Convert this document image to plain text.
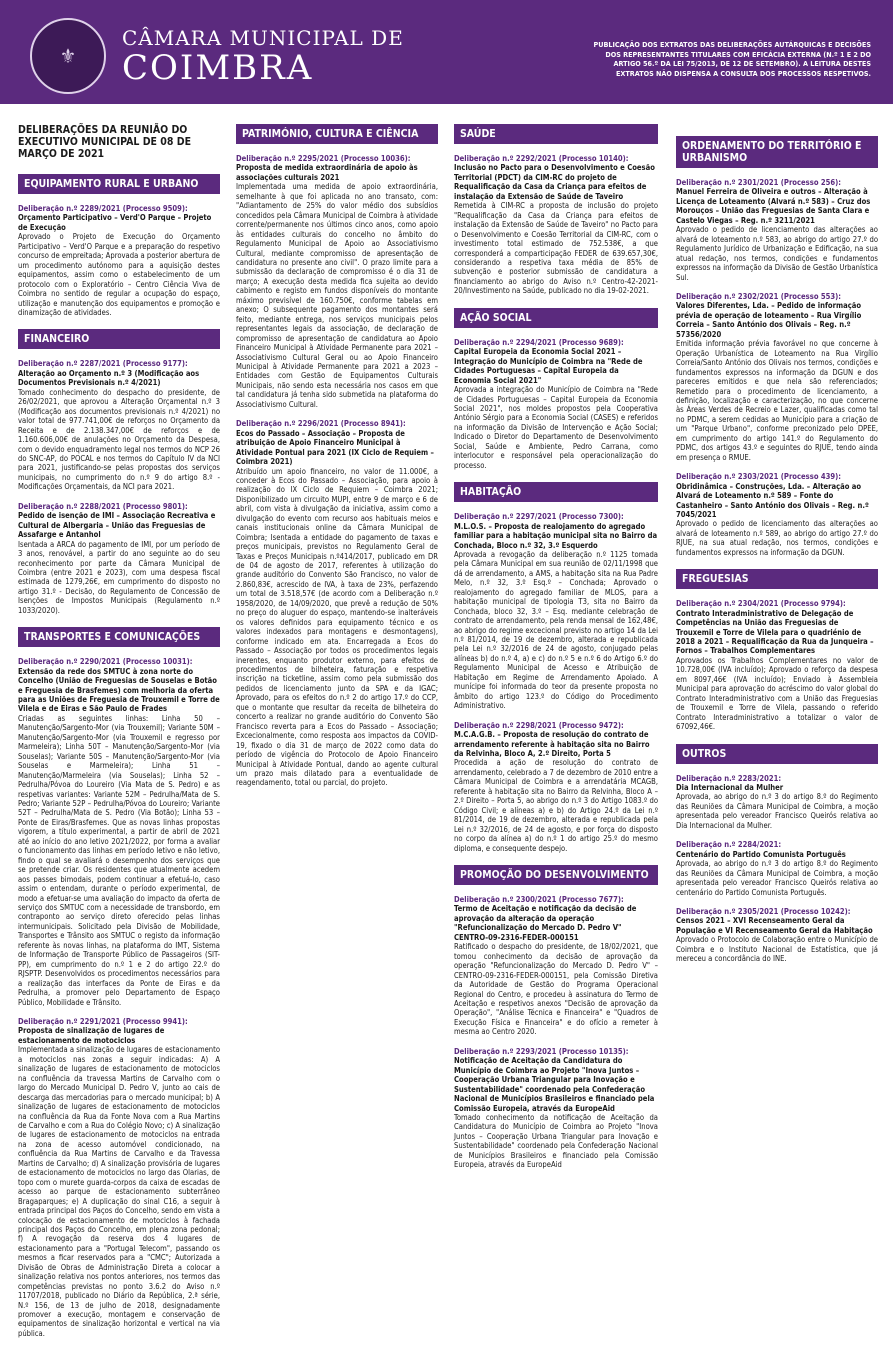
⚜
CÂMARA MUNICIPAL DE
COIMBRA
PUBLICAÇÃO DOS EXTRATOS DAS DELIBERAÇÕES AUTÁRQUICAS E DECISÕES DOS REPRESENTANTES TITULARES COM EFICÁCIA EXTERNA (N.º 1 E 2 DO ARTIGO 56.º DA LEI 75/2013, DE 12 DE SETEMBRO). A LEITURA DESTES EXTRATOS NÃO DISPENSA A CONSULTA DOS PROCESSOS RESPETIVOS.
DELIBERAÇÕES DA REUNIÃO DO EXECUTIVO MUNICIPAL DE 08 DE MARÇO DE 2021
EQUIPAMENTO RURAL E URBANO
Deliberação n.º 2289/2021 (Processo 9509):
Orçamento Participativo – Verd'O Parque – Projeto de Execução
Aprovado o Projeto de Execução do Orçamento Participativo – Verd'O Parque e a preparação do respetivo concurso de empreitada; Aprovada a posterior abertura de um procedimento autónomo para a aquisição destes equipamentos, assim como o estabelecimento de um protocolo com o Exploratório – Centro Ciência Viva de Coimbra no sentido de regular a ocupação do espaço, utilização e manutenção dos equipamentos e promoção e dinamização de atividades.
FINANCEIRO
Deliberação n.º 2287/2021 (Processo 9177):
Alteração ao Orçamento n.º 3 (Modificação aos Documentos Previsionais n.º 4/2021)
Tomado conhecimento do despacho do presidente, de 26/02/2021, que aprovou a Alteração Orçamental n.º 3 (Modificação aos documentos previsionais n.º 4/2021) no valor total de 977.741,00€ de reforços no Orçamento da Receita e de 2.138.347,00€ de reforços e de 1.160.606,00€ de anulações no Orçamento da Despesa, com o devido enquadramento legal nos termos do NCP 26 do SNC-AP, do POCAL e nos termos do Capítulo IV da NCI para 2021, justificando-se pelas propostas dos serviços municipais, no cumprimento do n.º 9 do artigo 8.º - Modificações Orçamentais, da NCI para 2021.
Deliberação n.º 2288/2021 (Processo 9801):
Pedido de isenção de IMI – Associação Recreativa e Cultural de Albergaria – União das Freguesias de Assafarge e Antanhol
Isentada a ARCA do pagamento de IMI, por um período de 3 anos, renovável, a partir do ano seguinte ao do seu reconhecimento por parte da Câmara Municipal de Coimbra (entre 2021 e 2023), com uma despesa fiscal estimada de 1279,26€, em cumprimento do disposto no artigo 31.º - Decisão, do Regulamento de Concessão de Isenções de Impostos Municipais (Regulamento n.º 1033/2020).
TRANSPORTES E COMUNICAÇÕES
Deliberação n.º 2290/2021 (Processo 10031):
Extensão da rede dos SMTUC à zona norte do Concelho (União de Freguesias de Souselas e Botão e Freguesia de Brasfemes) com melhoria da oferta para as Uniões de Freguesia de Trouxemil e Torre de Vilela e de Eiras e São Paulo de Frades
Criadas as seguintes linhas: Linha 50 – Manutenção/Sargento-Mor (via Trouxemil); Variante 50M – Manutenção/Sargento-Mor (via Trouxemil e regresso por Marmeleira); Linha 50T – Manutenção/Sargento-Mor (via Souselas); Variante 50S – Manutenção/Sargento-Mor (via Souselas e Marmeleira); Linha 51 – Manutenção/Marmeleira (via Souselas); Linha 52 – Pedrulha/Póvoa do Loureiro (Via Mata de S. Pedro) e as respetivas variantes: Variante 52M – Pedrulha/Mata de S. Pedro; Variante 52P – Pedrulha/Póvoa do Loureiro; Variante 52T – Pedrulha/Mata de S. Pedro (Via Botão); Linha 53 – Ponte de Eiras/Brasfemes. Que as novas linhas propostas vigorem, a título experimental, a partir de abril de 2021 até ao início do ano letivo 2021/2022, por forma a avaliar o funcionamento das linhas em período letivo e não letivo, findo o qual se avaliará o desempenho dos serviços que se pretende criar. Os residentes que atualmente acedem aos passes bimodais, podem continuar a efetuá-lo, caso assim o entendam, durante o período experimental, de modo a efetuar-se uma avaliação do impacto da oferta de serviço dos SMTUC com a necessidade de transbordo, em contraponto ao serviço direto oferecido pelas linhas intermunicipais. Solicitado pela Divisão de Mobilidade, Transportes e Trânsito aos SMTUC o registo da informação referente às novas linhas, na plataforma do IMT, Sistema de Informação de Transporte Público de Passageiros (SIT-PP), em cumprimento do n.º 1 e 2 do artigo 22.º do RJSPTP. Desenvolvidos os procedimentos necessários para a realização das interfaces da Ponte de Eiras e da Pedrulha, a promover pelo Departamento de Espaço Público, Mobilidade e Trânsito.
Deliberação n.º 2291/2021 (Processo 9941):
Proposta de sinalização de lugares de estacionamento de motociclos
Implementada a sinalização de lugares de estacionamento a motociclos nas zonas a seguir indicadas: A) A sinalização de lugares de estacionamento de motociclos na confluência da travessa Martins de Carvalho com o largo do Mercado Municipal D. Pedro V, junto ao cais de descarga das mercadorias para o mercado municipal; b) A sinalização de lugares de estacionamento de motociclos na confluência da Rua da Fonte Nova com a Rua Martins de Carvalho e com a Rua do Colégio Novo; c) A sinalização de lugares de estacionamento de motociclos na entrada na zona de acesso automóvel condicionado, na confluência da Rua Martins de Carvalho e da Travessa Martins de Carvalho; d) A sinalização provisória de lugares de estacionamento de motociclos no largo das Olarias, de topo com o murete guarda-corpos da caixa de escadas de acesso ao parque de estacionamento subterrâneo Bragaparques; e) A duplicação do sinal C16, a seguir à entrada principal dos Paços do Concelho, sendo em vista a colocação de estacionamento de motociclos à fachada principal dos Paços do Concelho, em plena zona pedonal; f) A revogação da reserva dos 4 lugares de estacionamento para a "Portugal Telecom", passando os mesmos a ficar reservados para a "CMC"; Autorizada a Divisão de Obras de Administração Direta a colocar a sinalização relativa nos pontos anteriores, nos termos das competências previstas no ponto 3.6.2 do Aviso n.º 11707/2018, publicado no Diário da República, 2.ª série, N.º 156, de 13 de julho de 2018, designadamente promover a execução, montagem e conservação de equipamentos de sinalização horizontal e vertical na via pública.
PATRIMÓNIO, CULTURA E CIÊNCIA
Deliberação n.º 2295/2021 (Processo 10036):
Proposta de medida extraordinária de apoio às associações culturais 2021
Implementada uma medida de apoio extraordinária, semelhante à que foi aplicada no ano transato, com: "Adiantamento de 25% do valor médio dos subsídios concedidos pela Câmara Municipal de Coimbra à atividade corrente/permanente nos últimos cinco anos, como apoio às entidades culturais do concelho no âmbito do Regulamento Municipal de Apoio ao Associativismo Cultural, mediante compromisso de apresentação de candidatura no presente ano civil". O prazo limite para a submissão da declaração de compromisso é o dia 31 de março; A execução desta medida fica sujeita ao devido cabimento e registo em fundos disponíveis do montante máximo previsível de 160.750€, conforme tabelas em anexo; O subsequente pagamento dos montantes será feito, mediante entrega, nos serviços municipais pelos representantes legais da associação, de declaração de compromisso de apresentação de candidatura ao Apoio Financeiro Municipal à Atividade Permanente para 2021 – Associativismo Cultural Geral ou ao Apoio Financeiro Municipal à Atividade Permanente para 2021 a 2023 – Entidades com Gestão de Equipamentos Culturais Municipais, não sendo esta necessária nos casos em que tal candidatura já tenha sido submetida na plataforma do Associativismo Cultural.
Deliberação n.º 2296/2021 (Processo 8941):
Ecos do Passado – Associação – Proposta de atribuição de Apoio Financeiro Municipal à Atividade Pontual para 2021 (IX Ciclo de Requiem – Coimbra 2021)
Atribuído um apoio financeiro, no valor de 11.000€, a conceder à Ecos do Passado – Associação, para apoio à realização do IX Ciclo de Requiem – Coimbra 2021; Disponibilizado um circuito MUPI, entre 9 de março e 6 de abril, com vista à divulgação da iniciativa, assim como a divulgação do evento com recurso aos habituais meios e canais institucionais online da Câmara Municipal de Coimbra; Isentada a entidade do pagamento de taxas e preços municipais, previstos no Regulamento Geral de Taxas e Preços Municipais n.º414/2017, publicado em DR de 04 de agosto de 2017, referentes à utilização do grande auditório do Convento São Francisco, no valor de 2.860,83€, acrescido de IVA, à taxa de 23%, perfazendo um total de 3.518,57€ (de acordo com a Deliberação n.º 1958/2020, de 14/09/2020, que prevê a redução de 50% no preço do aluguer do espaço, mantendo-se inalteráveis os valores definidos para equipamento técnico e os valores indexados para montagens e desmontagens), conforme indicado em ata. Encarregada a Ecos do Passado – Associação por todos os procedimentos legais inerentes, enquanto produtor externo, para efeitos de procedimentos de bilheteira, faturação e respetiva inscrição na ticketline, assim como pela submissão dos pedidos de licenciamento junto da SPA e da IGAC; Aprovado, para os efeitos do n.º 2 do artigo 17.º do CCP, que o montante que resultar da receita de bilheteira do concerto a realizar no grande auditório do Convento São Francisco reverta para a Ecos do Passado – Associação; Excecionalmente, como resposta aos impactos da COVID-19, fixado o dia 31 de março de 2022 como data do período de vigência do Protocolo de Apoio Financeiro Municipal à Atividade Pontual, dando ao agente cultural um prazo mais dilatado para a eventualidade de reagendamento, total ou parcial, do projeto.
SAÚDE
Deliberação n.º 2292/2021 (Processo 10140):
Inclusão no Pacto para o Desenvolvimento e Coesão Territorial (PDCT) da CIM-RC do projeto de Requalificação da Casa da Criança para efeitos de instalação da Extensão de Saúde de Taveiro
Remetida à CIM-RC a proposta de inclusão do projeto "Requalificação da Casa da Criança para efeitos de instalação da Extensão de Saúde de Taveiro" no Pacto para o Desenvolvimento e Coesão Territorial da CIM-RC, com o investimento total estimado de 752.538€, a que corresponderá a comparticipação FEDER de 639.657,30€, considerando a respetiva taxa média de 85% de subvenção e posterior submissão de candidatura a financiamento ao abrigo do Aviso n.º Centro-42-2021-20/Investimento na Saúde, publicado no dia 19-02-2021.
AÇÃO SOCIAL
Deliberação n.º 2294/2021 (Processo 9689):
Capital Europeia da Economia Social 2021 – Integração do Município de Coimbra na "Rede de Cidades Portuguesas – Capital Europeia da Economia Social 2021"
Aprovada a integração do Município de Coimbra na "Rede de Cidades Portuguesas – Capital Europeia da Economia Social 2021", nos moldes propostos pela Cooperativa António Sérgio para a Economia Social (CASES) e referidos na informação da Divisão de Intervenção e Ação Social; Indicado o Diretor do Departamento de Desenvolvimento Social, Saúde e Ambiente, Pedro Carrana, como interlocutor e responsável pela operacionalização do processo.
HABITAÇÃO
Deliberação n.º 2297/2021 (Processo 7300):
M.L.O.S. – Proposta de realojamento do agregado familiar para a habitação municipal sita no Bairro da Conchada, Bloco n.º 32, 3.º Esquerdo
Aprovada a revogação da deliberação n.º 1125 tomada pela Câmara Municipal em sua reunião de 02/11/1998 que dá de arrendamento, a AMS, a habitação sita na Rua Padre Melo, n.º 32, 3.º Esq.º – Conchada; Aprovado o realojamento do agregado familiar de MLOS, para a habitação municipal de tipologia T3, sita no Bairro da Conchada, bloco 32, 3.º – Esq. mediante celebração de contrato de arrendamento, pela renda mensal de 162,48€, ao abrigo do regime excecional previsto no artigo 14 da Lei n.º 81/2014, de 19 de dezembro, alterada e republicada pela Lei n.º 32/2016 de 24 de agosto, conjugado pelas alíneas b) do n.º 4, a) e c) do n.º 5 e n.º 6 do Artigo 6.º do Regulamento Municipal de Acesso e Atribuição de Habitação em Regime de Arrendamento Apoiado. A munícipe foi informada do teor da presente proposta no âmbito do artigo 123.º do Código do Procedimento Administrativo.
Deliberação n.º 2298/2021 (Processo 9472):
M.C.A.G.B. – Proposta de resolução do contrato de arrendamento referente à habitação sita no Bairro da Relvinha, Bloco A, 2.º Direito, Porta 5
Procedida a ação de resolução do contrato de arrendamento, celebrado a 7 de dezembro de 2010 entre a Câmara Municipal de Coimbra e a arrendatária MCAGB, referente à habitação sita no Bairro da Relvinha, Bloco A – 2.º Direito – Porta 5, ao abrigo do n.º 3 do Artigo 1083.º do Código Civil; e alíneas a) e b) do Artigo 24.º da Lei n.º 81/2014, de 19 de dezembro, alterada e republicada pela Lei n.º 32/2016, de 24 de agosto, e por força do disposto no corpo da alínea a) do n.º 1 do artigo 25.º do mesmo diploma, e consequente despejo.
PROMOÇÃO DO DESENVOLVIMENTO
Deliberação n.º 2300/2021 (Processo 7677):
Termo de Aceitação e notificação da decisão de aprovação da alteração da operação "Refuncionalização do Mercado D. Pedro V" CENTRO-09-2316-FEDER-000151
Ratificado o despacho do presidente, de 18/02/2021, que tomou conhecimento da decisão de aprovação da operação "Refuncionalização do Mercado D. Pedro V" – CENTRO-09-2316-FEDER-000151, pela Comissão Diretiva da Autoridade de Gestão do Programa Operacional Regional do Centro, e procedeu à assinatura do Termo de Aceitação e respetivos anexos "Decisão de aprovação da Operação", "Análise Técnica e Financeira" e "Quadros de Execução Física e Financeira" e do ofício a remeter à mesma ao Centro 2020.
Deliberação n.º 2293/2021 (Processo 10135):
Notificação de Aceitação da Candidatura do Município de Coimbra ao Projeto "Inova Juntos – Cooperação Urbana Triangular para Inovação e Sustentabilidade" coordenado pela Confederação Nacional de Municípios Brasileiros e financiado pela Comissão Europeia, através da EuropeAid
Tomado conhecimento da notificação de Aceitação da Candidatura do Município de Coimbra ao Projeto "Inova Juntos – Cooperação Urbana Triangular para Inovação e Sustentabilidade" coordenado pela Confederação Nacional de Municípios Brasileiros e financiado pela Comissão Europeia, através da EuropeAid
ORDENAMENTO DO TERRITÓRIO E URBANISMO
Deliberação n.º 2301/2021 (Processo 256):
Manuel Ferreira de Oliveira e outros – Alteração à Licença de Loteamento (Alvará n.º 583) – Cruz dos Morouços – União das Freguesias de Santa Clara e Castelo Viegas – Reg. n.º 3211/2021
Aprovado o pedido de licenciamento das alterações ao alvará de loteamento n.º 583, ao abrigo do artigo 27.º do Regulamento Jurídico de Urbanização e Edificação, na sua atual redação, nos termos, condições e fundamentos expressos na informação da Divisão de Gestão Urbanística Sul.
Deliberação n.º 2302/2021 (Processo 553):
Valores Diferentes, Lda. – Pedido de informação prévia de operação de loteamento – Rua Virgílio Correia – Santo António dos Olivais – Reg. n.º 57356/2020
Emitida informação prévia favorável no que concerne à Operação Urbanística de Loteamento na Rua Virgílio Correia/Santo António dos Olivais nos termos, condições e fundamentos expressos na informação da DGUN e dos pareceres emitidos e que nela são referenciados; Remetido para o procedimento de licenciamento, a definição, localização e caracterização, no que concerne às Áreas Verdes de Recreio e Lazer, qualificadas como tal no PDMC, a serem cedidas ao Município para a criação de um "Parque Urbano", conforme preconizado pelo DPEE, em cumprimento do artigo 141.º do Regulamento do PDMC, dos artigos 43.º e seguintes do RJUE, tendo ainda em presença o RMUE.
Deliberação n.º 2303/2021 (Processo 439):
Obridinâmica – Construções, Lda. – Alteração ao Alvará de Loteamento n.º 589 – Fonte do Castanheiro – Santo António dos Olivais – Reg. n.º 7045/2021
Aprovado o pedido de licenciamento das alterações ao alvará de loteamento n.º 589, ao abrigo do artigo 27.º do RJUE, na sua atual redação, nos termos, condições e fundamentos expressos na informação da DGUN.
FREGUESIAS
Deliberação n.º 2304/2021 (Processo 9794):
Contrato Interadministrativo de Delegação de Competências na União das Freguesias de Trouxemil e Torre de Vilela para o quadriénio de 2018 a 2021 – Requalificação da Rua da Junqueira – Fornos – Trabalhos Complementares
Aprovados os Trabalhos Complementares no valor de 10.728,00€ (IVA incluído); Aprovado o reforço da despesa em 8097,46€ (IVA incluído); Enviado à Assembleia Municipal para aprovação do acréscimo do valor global do Contrato Interadministrativo com a União das Freguesias de Trouxemil e Torre de Vilela, passando o referido Contrato Interadministrativo a totalizar o valor de 67092,46€.
OUTROS
Deliberação n.º 2283/2021:
Dia Internacional da Mulher
Aprovada, ao abrigo do n.º 3 do artigo 8.º do Regimento das Reuniões da Câmara Municipal de Coimbra, a moção apresentada pelo vereador Francisco Queirós relativa ao Dia Internacional da Mulher.
Deliberação n.º 2284/2021:
Centenário do Partido Comunista Português
Aprovada, ao abrigo do n.º 3 do artigo 8.º do Regimento das Reuniões da Câmara Municipal de Coimbra, a moção apresentada pelo vereador Francisco Queirós relativa ao centenário do Partido Comunista Português.
Deliberação n.º 2305/2021 (Processo 10242):
Censos 2021 – XVI Recenseamento Geral da População e VI Recenseamento Geral da Habitação
Aprovado o Protocolo de Colaboração entre o Município de Coimbra e o Instituto Nacional de Estatística, que já mereceu a concordância do INE.
